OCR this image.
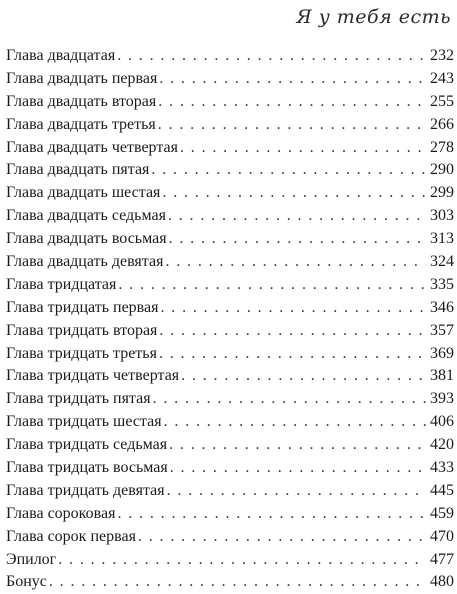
Я у тебя есть
Глава двадцатая . . .	232
Глава двадцать первая . . .	243
Глава двадцать вторая . . .	255
Глава двадцать третья . . .	266
Глава двадцать четвертая . . .	278
Глава двадцать пятая . . .	290
Глава двадцать шестая . . .	299
Глава двадцать седьмая . . .	303
Глава двадцать восьмая . . .	313
Глава двадцать девятая . . .	324
Глава тридцатая . . .	335
Глава тридцать первая . . .	346
Глава тридцать вторая . . .	357
Глава тридцать третья . . .	369
Глава тридцать четвертая . . .	381
Глава тридцать пятая . . .	393
Глава тридцать шестая . . .	406
Глава тридцать седьмая . . .	420
Глава тридцать восьмая . . .	433
Глава тридцать девятая . . .	445
Глава сороковая . . .	459
Глава сорок первая . . .	470
Эпилог . . .	477
Бонус . . .	480
